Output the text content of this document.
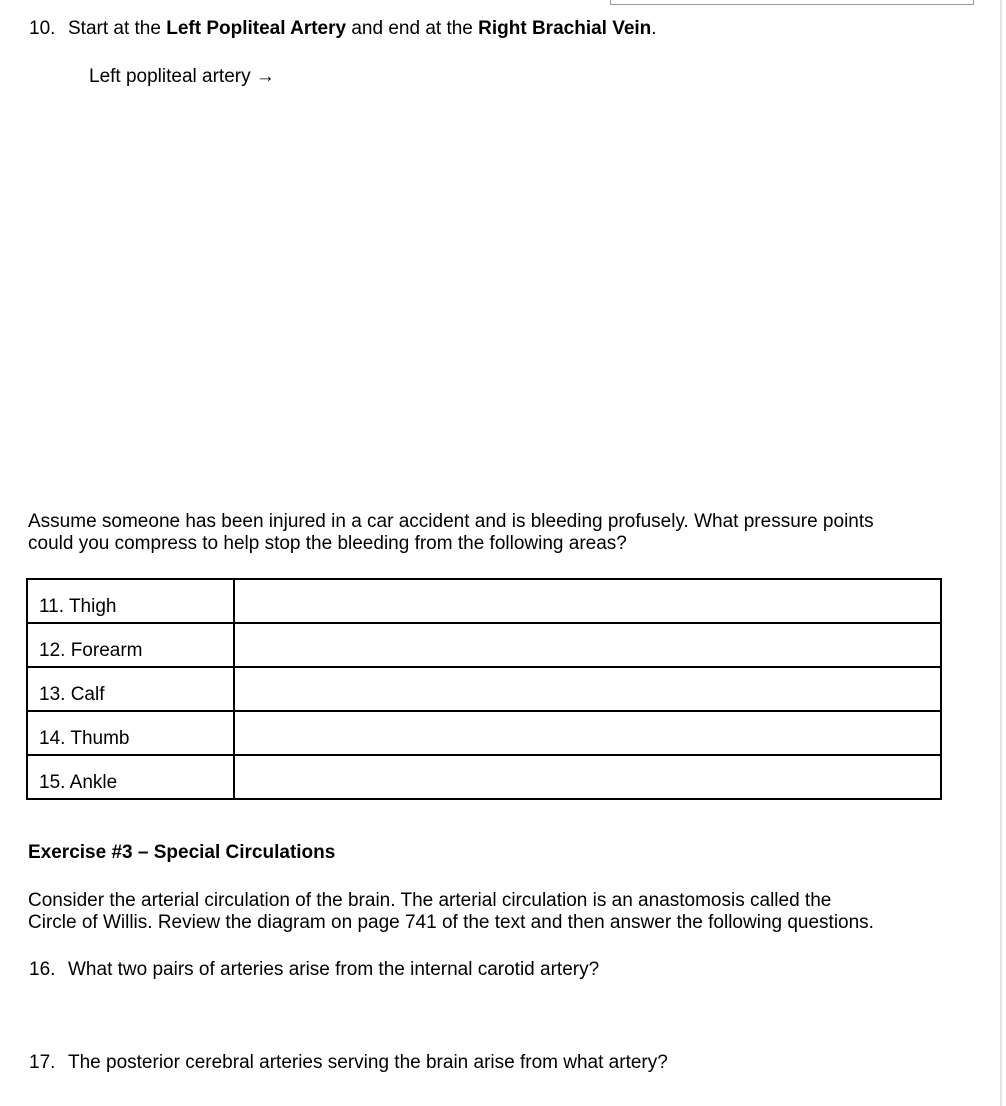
10. Start at the Left Popliteal Artery and end at the Right Brachial Vein.
Left popliteal artery →
Assume someone has been injured in a car accident and is bleeding profusely. What pressure points
could you compress to help stop the bleeding from the following areas?
11. Thigh	
12. Forearm	
13. Calf	
14. Thumb	
15. Ankle	
Exercise #3 – Special Circulations
Consider the arterial circulation of the brain. The arterial circulation is an anastomosis called the
Circle of Willis. Review the diagram on page 741 of the text and then answer the following questions.
16. What two pairs of arteries arise from the internal carotid artery?
17. The posterior cerebral arteries serving the brain arise from what artery?
